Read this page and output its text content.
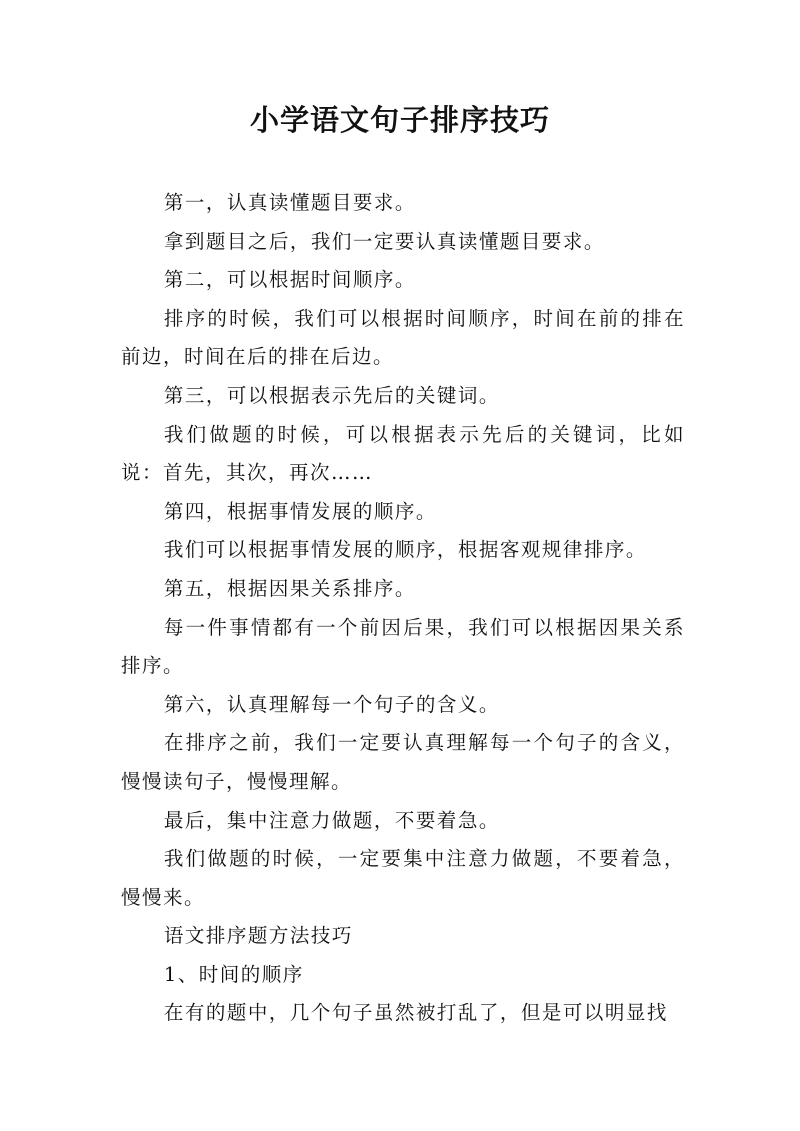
小学语文句子排序技巧

第一，认真读懂题目要求。

拿到题目之后，我们一定要认真读懂题目要求。

第二，可以根据时间顺序。

排序的时候，我们可以根据时间顺序，时间在前的排在前边，时间在后的排在后边。

第三，可以根据表示先后的关键词。

我们做题的时候，可以根据表示先后的关键词，比如说：首先，其次，再次……

第四，根据事情发展的顺序。

我们可以根据事情发展的顺序，根据客观规律排序。

第五，根据因果关系排序。

每一件事情都有一个前因后果，我们可以根据因果关系排序。

第六，认真理解每一个句子的含义。

在排序之前，我们一定要认真理解每一个句子的含义，慢慢读句子，慢慢理解。

最后，集中注意力做题，不要着急。

我们做题的时候，一定要集中注意力做题，不要着急，慢慢来。

语文排序题方法技巧

1、时间的顺序

在有的题中，几个句子虽然被打乱了，但是可以明显找
